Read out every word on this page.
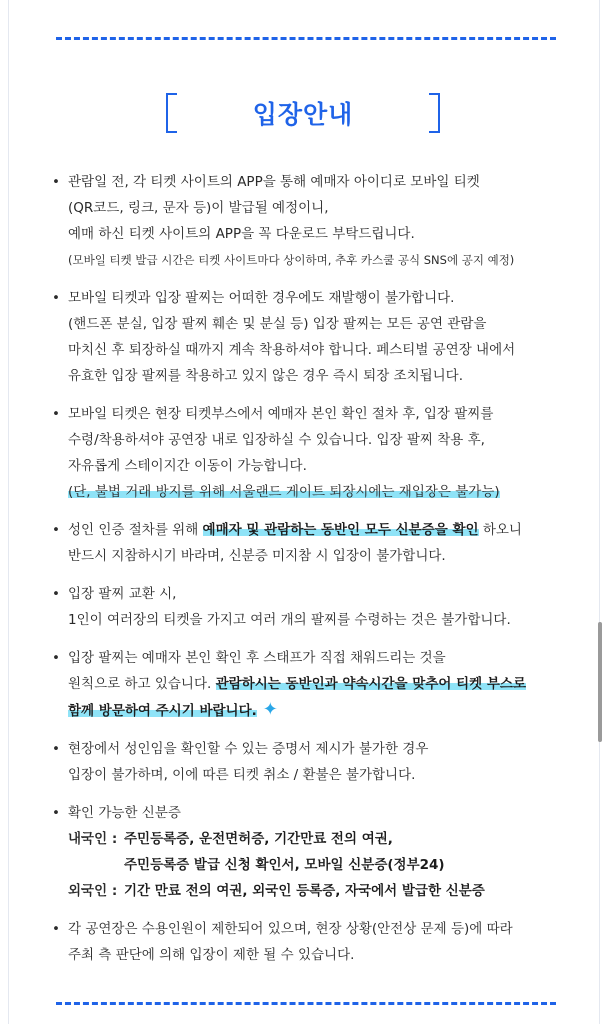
입장안내
• 관람일 전, 각 티켓 사이트의 APP을 통해 예매자 아이디로 모바일 티켓
(QR코드, 링크, 문자 등)이 발급될 예정이니,
예매 하신 티켓 사이트의 APP을 꼭 다운로드 부탁드립니다.
(모바일 티켓 발급 시간은 티켓 사이트마다 상이하며, 추후 카스쿨 공식 SNS에 공지 예정)
• 모바일 티켓과 입장 팔찌는 어떠한 경우에도 재발행이 불가합니다.
(핸드폰 분실, 입장 팔찌 훼손 및 분실 등) 입장 팔찌는 모든 공연 관람을
마치신 후 퇴장하실 때까지 계속 착용하셔야 합니다. 페스티벌 공연장 내에서
유효한 입장 팔찌를 착용하고 있지 않은 경우 즉시 퇴장 조치됩니다.
• 모바일 티켓은 현장 티켓부스에서 예매자 본인 확인 절차 후, 입장 팔찌를
수령/착용하셔야 공연장 내로 입장하실 수 있습니다. 입장 팔찌 착용 후,
자유롭게 스테이지간 이동이 가능합니다.
(단, 불법 거래 방지를 위해 서울랜드 게이트 퇴장시에는 재입장은 불가능)
• 성인 인증 절차를 위해 예매자 및 관람하는 동반인 모두 신분증을 확인 하오니
반드시 지참하시기 바라며, 신분증 미지참 시 입장이 불가합니다.
• 입장 팔찌 교환 시,
1인이 여러장의 티켓을 가지고 여러 개의 팔찌를 수령하는 것은 불가합니다.
• 입장 팔찌는 예매자 본인 확인 후 스태프가 직접 채워드리는 것을
원칙으로 하고 있습니다. 관람하시는 동반인과 약속시간을 맞추어 티켓 부스로
함께 방문하여 주시기 바랍니다. ✦
• 현장에서 성인임을 확인할 수 있는 증명서 제시가 불가한 경우
입장이 불가하며, 이에 따른 티켓 취소 / 환불은 불가합니다.
• 확인 가능한 신분증
내국인 : 주민등록증, 운전면허증, 기간만료 전의 여권,
주민등록증 발급 신청 확인서, 모바일 신분증(정부24)
외국인 : 기간 만료 전의 여권, 외국인 등록증, 자국에서 발급한 신분증
• 각 공연장은 수용인원이 제한되어 있으며, 현장 상황(안전상 문제 등)에 따라
주최 측 판단에 의해 입장이 제한 될 수 있습니다.
